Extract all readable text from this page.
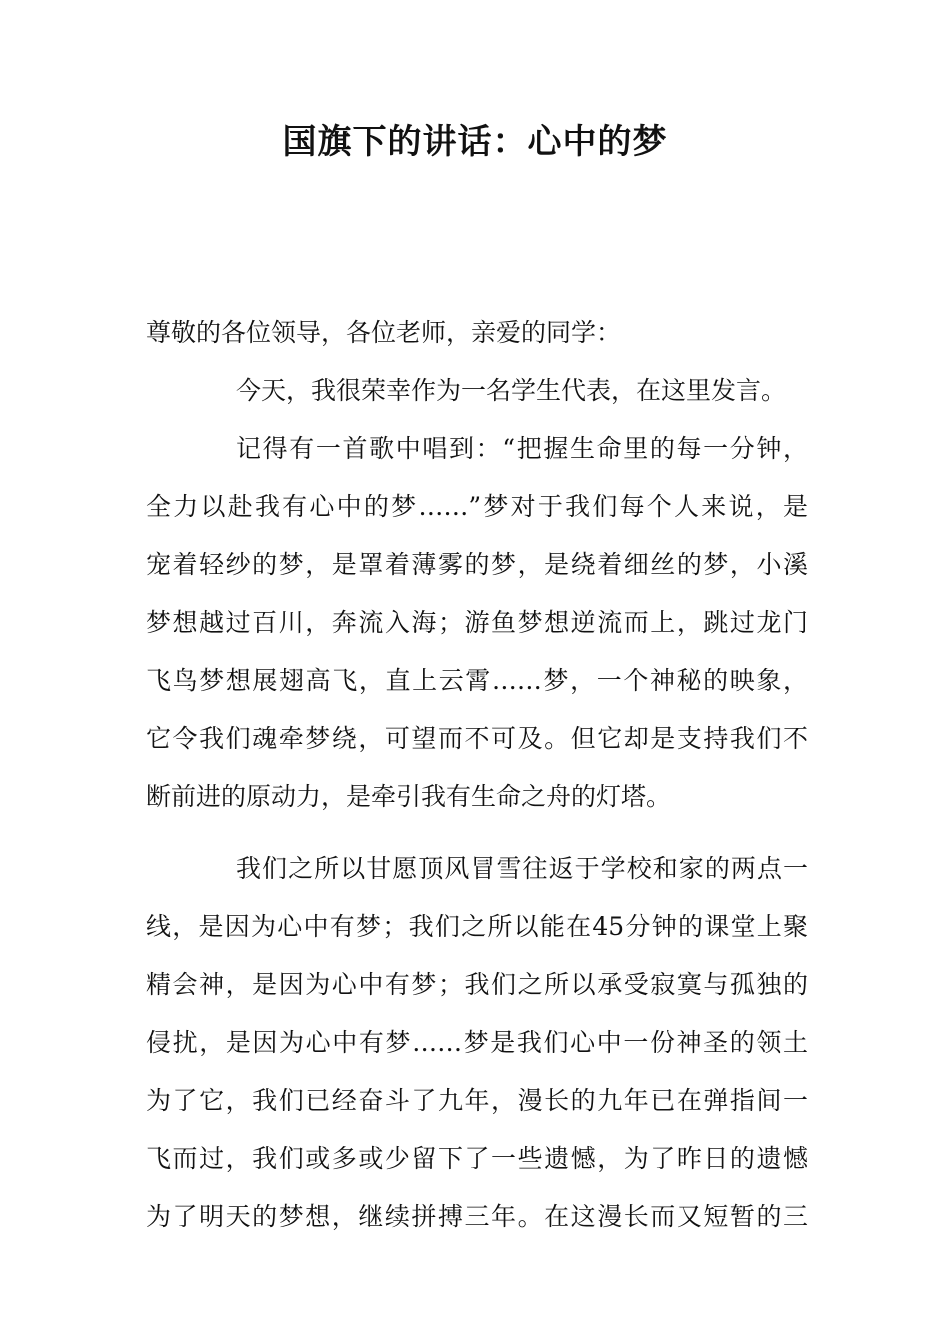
国旗下的讲话：心中的梦
尊敬的各位领导，各位老师，亲爱的同学：
今天，我很荣幸作为一名学生代表，在这里发言。
记得有一首歌中唱到：“把握生命里的每一分钟，
全力以赴我有心中的梦……”梦对于我们每个人来说，是
宠着轻纱的梦，是罩着薄雾的梦，是绕着细丝的梦，小溪
梦想越过百川，奔流入海；游鱼梦想逆流而上，跳过龙门
飞鸟梦想展翅高飞，直上云霄……梦，一个神秘的映象，
它令我们魂牵梦绕，可望而不可及。但它却是支持我们不
断前进的原动力，是牵引我有生命之舟的灯塔。
我们之所以甘愿顶风冒雪往返于学校和家的两点一
线，是因为心中有梦；我们之所以能在45分钟的课堂上聚
精会神，是因为心中有梦；我们之所以承受寂寞与孤独的
侵扰，是因为心中有梦……梦是我们心中一份神圣的领土
为了它，我们已经奋斗了九年，漫长的九年已在弹指间一
飞而过，我们或多或少留下了一些遗憾，为了昨日的遗憾
为了明天的梦想，继续拼搏三年。在这漫长而又短暂的三
